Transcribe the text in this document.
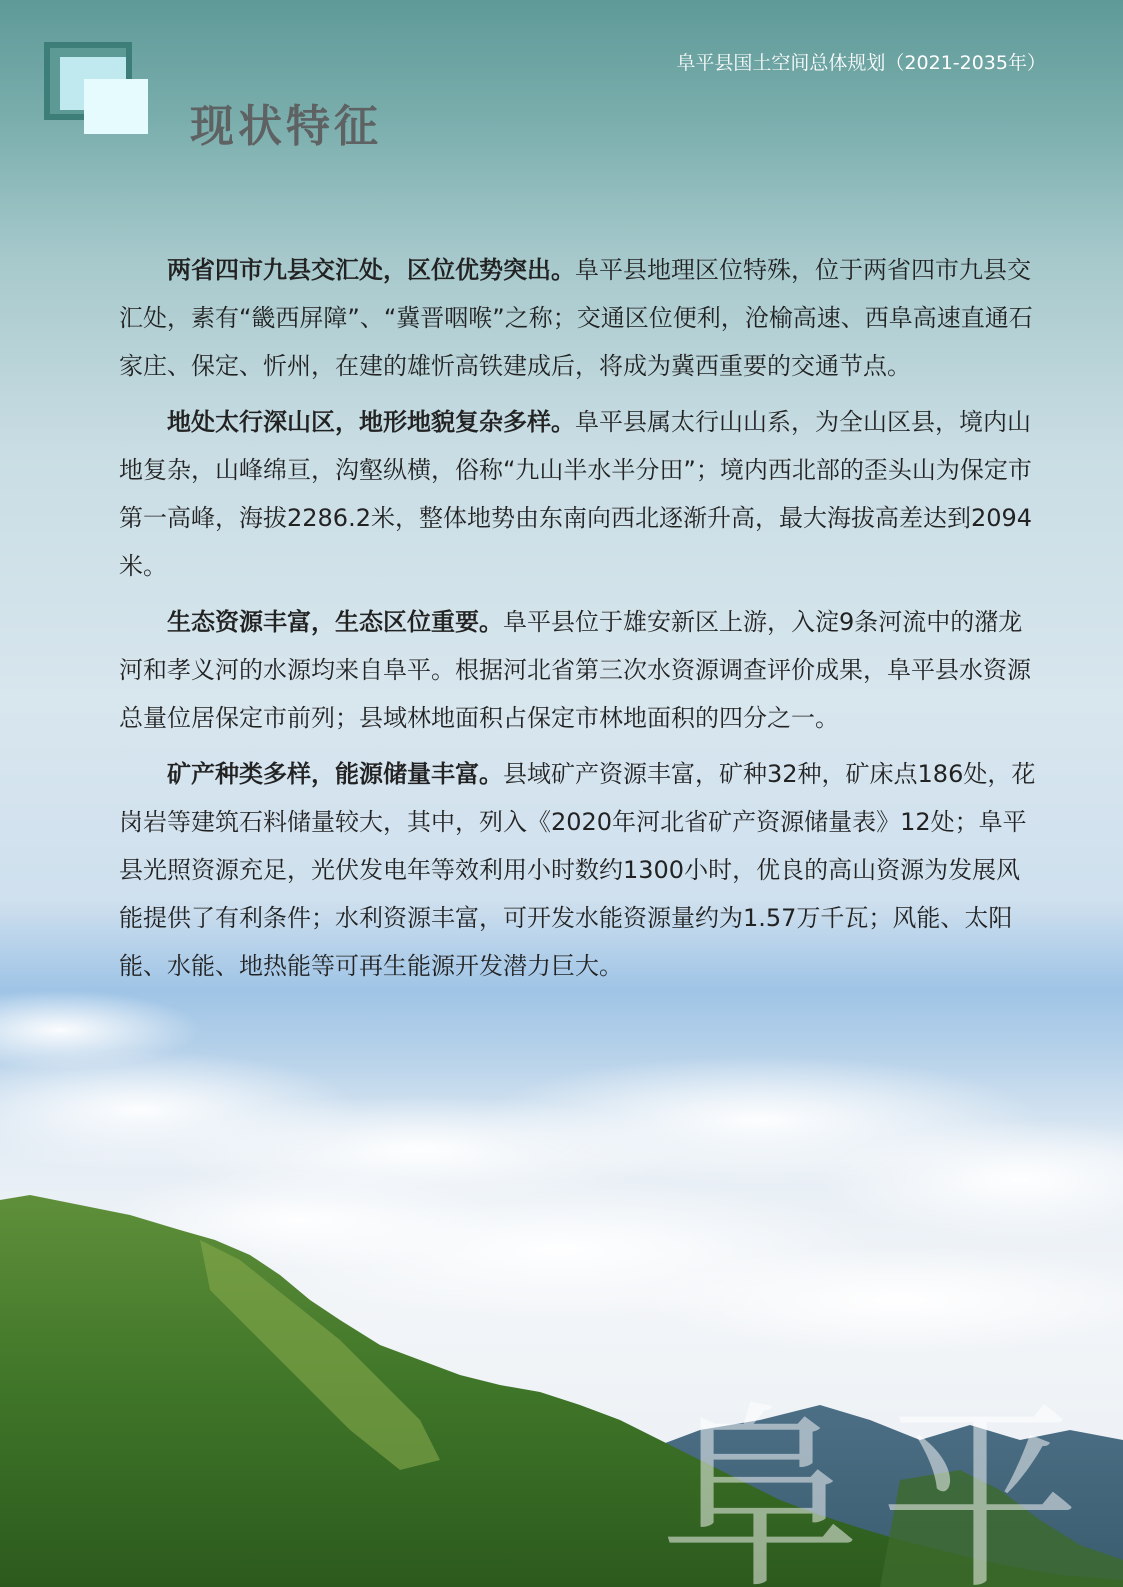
阜平县国土空间总体规划（2021-2035年）
现状特征

两省四市九县交汇处，区位优势突出。阜平县地理区位特殊，位于两省四市九县交汇处，素有“畿西屏障”、“冀晋咽喉”之称；交通区位便利，沧榆高速、西阜高速直通石家庄、保定、忻州，在建的雄忻高铁建成后，将成为冀西重要的交通节点。

地处太行深山区，地形地貌复杂多样。阜平县属太行山山系，为全山区县，境内山地复杂，山峰绵亘，沟壑纵横，俗称“九山半水半分田”；境内西北部的歪头山为保定市第一高峰，海拔2286.2米，整体地势由东南向西北逐渐升高，最大海拔高差达到2094米。

生态资源丰富，生态区位重要。阜平县位于雄安新区上游，入淀9条河流中的潴龙河和孝义河的水源均来自阜平。根据河北省第三次水资源调查评价成果，阜平县水资源总量位居保定市前列；县域林地面积占保定市林地面积的四分之一。

矿产种类多样，能源储量丰富。县域矿产资源丰富，矿种32种，矿床点186处，花岗岩等建筑石料储量较大，其中，列入《2020年河北省矿产资源储量表》12处；阜平县光照资源充足，光伏发电年等效利用小时数约1300小时，优良的高山资源为发展风能提供了有利条件；水利资源丰富，可开发水能资源量约为1.57万千瓦；风能、太阳能、水能、地热能等可再生能源开发潜力巨大。

阜平
